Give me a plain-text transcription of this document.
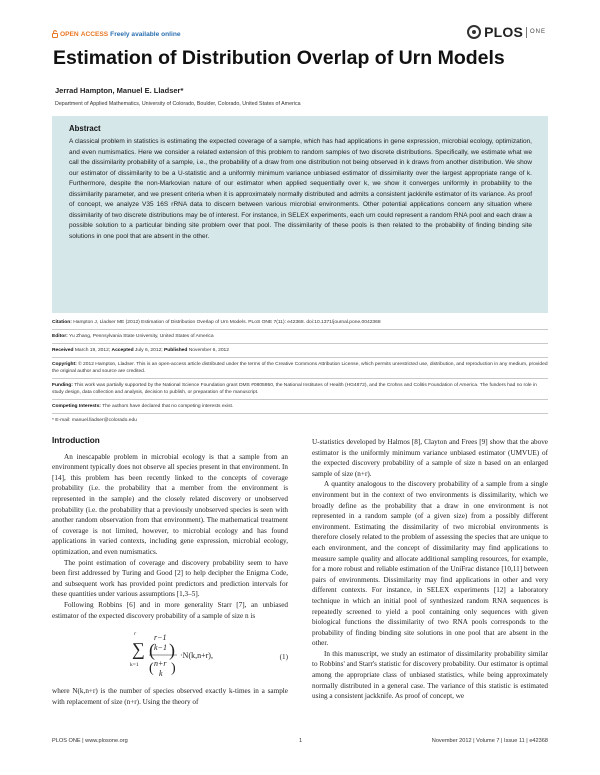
OPEN ACCESS Freely available online	PLOS ONE
Estimation of Distribution Overlap of Urn Models
Jerrad Hampton, Manuel E. Lladser*
Department of Applied Mathematics, University of Colorado, Boulder, Colorado, United States of America
Abstract

A classical problem in statistics is estimating the expected coverage of a sample, which has had applications in gene expression, microbial ecology, optimization, and even numismatics. Here we consider a related extension of this problem to random samples of two discrete distributions. Specifically, we estimate what we call the dissimilarity probability of a sample, i.e., the probability of a draw from one distribution not being observed in k draws from another distribution. We show our estimator of dissimilarity to be a U-statistic and a uniformly minimum variance unbiased estimator of dissimilarity over the largest appropriate range of k. Furthermore, despite the non-Markovian nature of our estimator when applied sequentially over k, we show it converges uniformly in probability to the dissimilarity parameter, and we present criteria when it is approximately normally distributed and admits a consistent jackknife estimator of its variance. As proof of concept, we analyze V35 16S rRNA data to discern between various microbial environments. Other potential applications concern any situation where dissimilarity of two discrete distributions may be of interest. For instance, in SELEX experiments, each urn could represent a random RNA pool and each draw a possible solution to a particular binding site problem over that pool. The dissimilarity of these pools is then related to the probability of finding binding site solutions in one pool that are absent in the other.

Citation: Hampton J, Lladser ME (2012) Estimation of Distribution Overlap of Urn Models. PLoS ONE 7(11): e42368. doi:10.1371/journal.pone.0042368
Editor: Yu Zhang, Pennsylvania State University, United States of America
Received March 19, 2012; Accepted July 6, 2012; Published November 6, 2012
Copyright: © 2012 Hampton, Lladser. This is an open-access article distributed under the terms of the Creative Commons Attribution License, which permits unrestricted use, distribution, and reproduction in any medium, provided the original author and source are credited.
Funding: This work was partially supported by the National Science Foundation grant DMS #0805950, the National Institutes of Health (HG4872), and the Crohns and Colitis Foundation of America. The funders had no role in study design, data collection and analysis, decision to publish, or preparation of the manuscript.
Competing Interests: The authors have declared that no competing interests exist.
* E-mail: manuel.lladser@colorado.edu
Introduction

An inescapable problem in microbial ecology is that a sample from an environment typically does not observe all species present in that environment. In [14], this problem has been recently linked to the concepts of coverage probability (i.e. the probability that a member from the environment is represented in the sample) and the closely related discovery or unobserved probability (i.e. the probability that a previously unobserved species is seen with another random observation from that environment). The mathematical treatment of coverage is not limited, however, to microbial ecology and has found applications in varied contexts, including gene expression, microbial ecology, optimization, and even numismatics.

The point estimation of coverage and discovery probability seem to have been first addressed by Turing and Good [2] to help decipher the Enigma Code, and subsequent work has provided point predictors and prediction intervals for these quantities under various assumptions [1,3–5].

Following Robbins [6] and in more generality Starr [7], an unbiased estimator of the expected discovery probability of a sample of size n is

∑
r
k=1
(
r−1
k−1 )
( n+r
k )
·N(k,n+r),	(1)

where N(k,n+r) is the number of species observed exactly k-times in a sample with replacement of size (n+r). Using the theory of

U-statistics developed by Halmos [8], Clayton and Frees [9] show that the above estimator is the uniformly minimum variance unbiased estimator (UMVUE) of the expected discovery probability of a sample of size n based on an enlarged sample of size (n+r).

A quantity analogous to the discovery probability of a sample from a single environment but in the context of two environments is dissimilarity, which we broadly define as the probability that a draw in one environment is not represented in a random sample (of a given size) from a possibly different environment. Estimating the dissimilarity of two microbial environments is therefore closely related to the problem of assessing the species that are unique to each environment, and the concept of dissimilarity may find applications to measure sample quality and allocate additional sampling resources, for example, for a more robust and reliable estimation of the UniFrac distance [10,11] between pairs of environments. Dissimilarity may find applications in other and very different contexts. For instance, in SELEX experiments [12] a laboratory technique in which an initial pool of synthesized random RNA sequences is repeatedly screened to yield a pool containing only sequences with given biological functions the dissimilarity of two RNA pools corresponds to the probability of finding binding site solutions in one pool that are absent in the other.

In this manuscript, we study an estimator of dissimilarity probability similar to Robbins' and Starr's statistic for discovery probability. Our estimator is optimal among the appropriate class of unbiased statistics, while being approximately normally distributed in a general case. The variance of this statistic is estimated using a consistent jackknife. As proof of concept, we

PLOS ONE | www.plosone.org	1	November 2012 | Volume 7 | Issue 11 | e42368
